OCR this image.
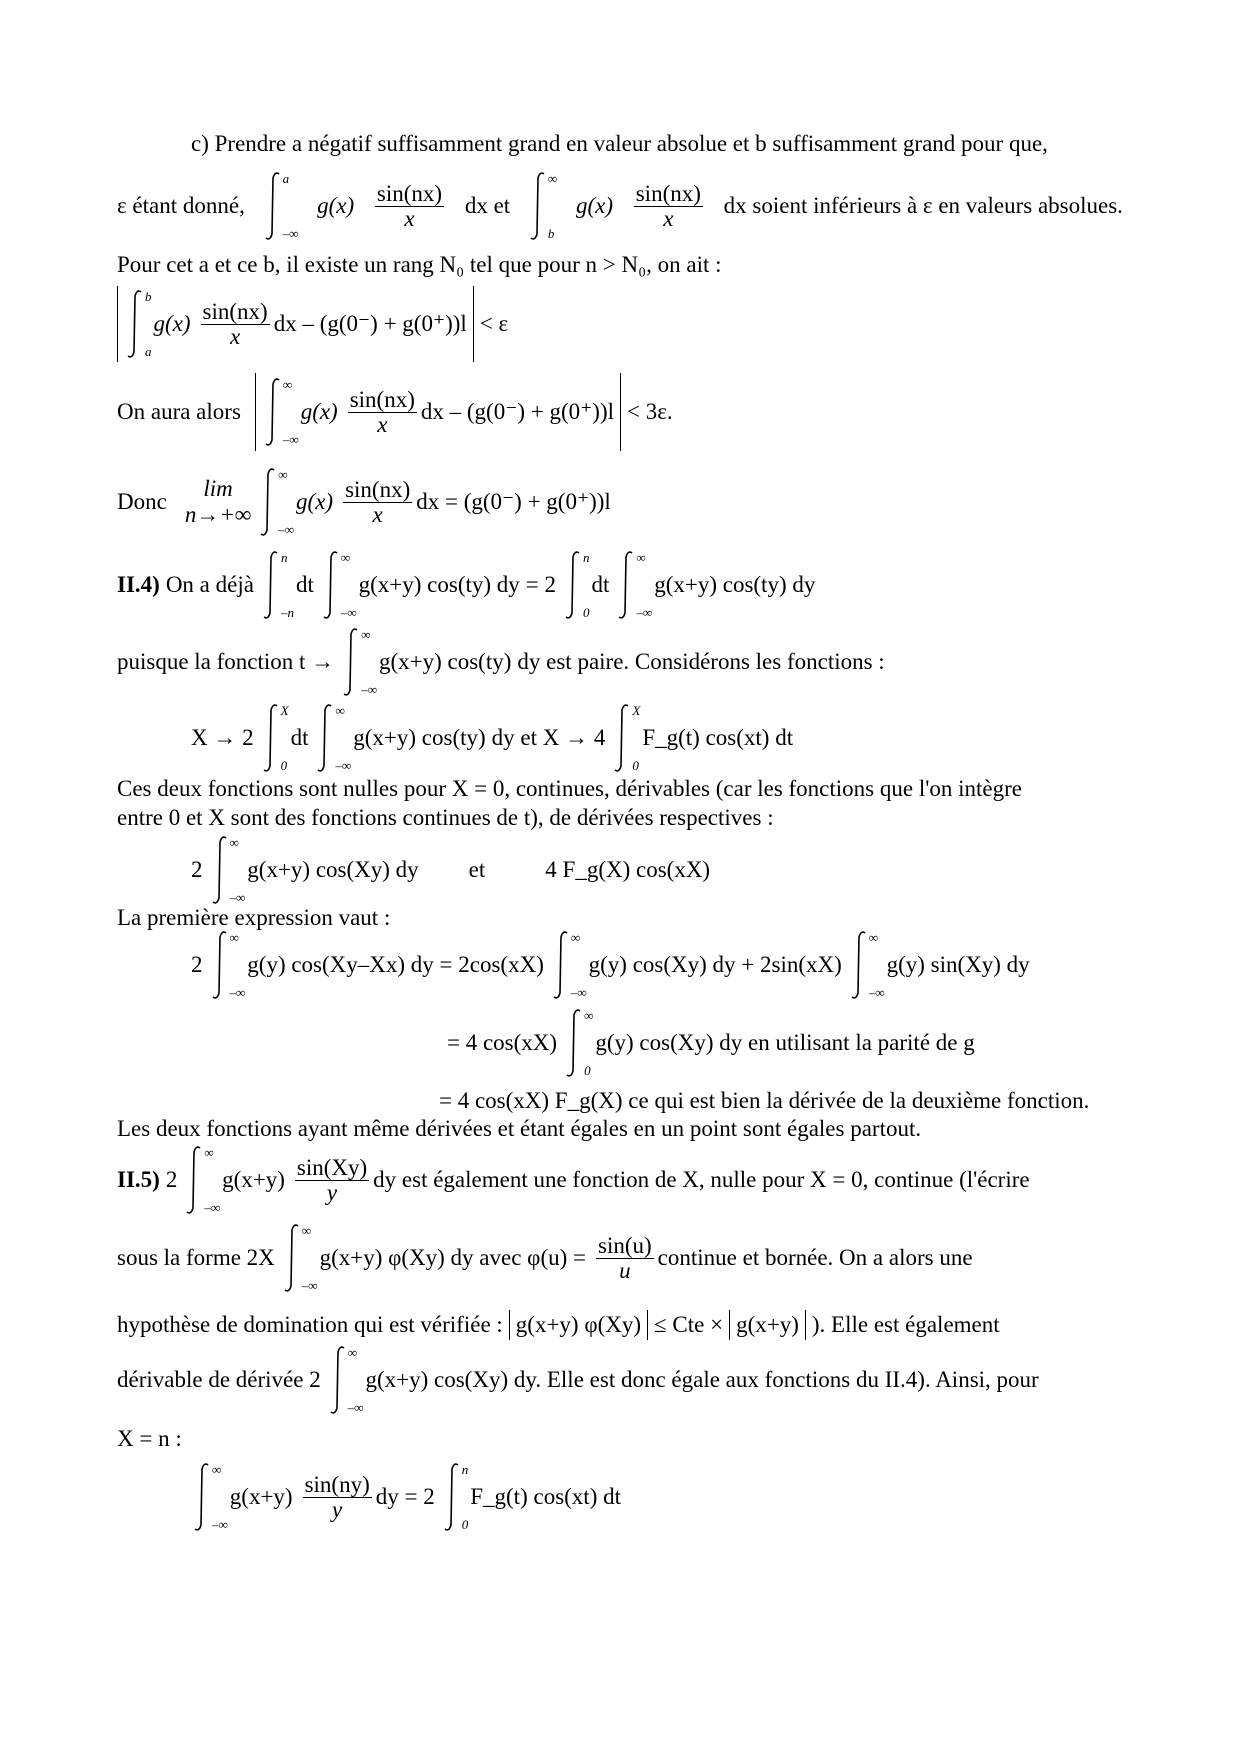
c) Prendre a négatif suffisamment grand en valeur absolue et b suffisamment grand pour que,
ε étant donné,
a
–∞
$g(x) \frac{\sin(nx)}{x}$ dx et
∞
b
$g(x) \frac{\sin(nx)}{x}$ dx soient inférieurs à ε en valeurs absolues.
Pour cet a et ce b, il existe un rang N₀ tel que pour n > N₀, on ait :
b
a
$g(x) \frac{\sin(nx)}{x}$ dx – (g(0⁻) + g(0⁺))l < ε
On aura alors
∞
–∞
$g(x) \frac{\sin(nx)}{x}$ dx – (g(0⁻) + g(0⁺))l < 3ε.
Donc
lim
n→+∞
∞
–∞
$g(x) \frac{\sin(nx)}{x}$ dx = (g(0⁻) + g(0⁺))l
II.4) On a déjà
n
–n
dt
∞
–∞
g(x+y) cos(ty) dy = 2
n
0
dt
∞
–∞
g(x+y) cos(ty) dy
puisque la fonction t →
∞
–∞
g(x+y) cos(ty) dy est paire. Considérons les fonctions :
X → 2
X
0
dt
∞
–∞
g(x+y) cos(ty) dy et X → 4
X
0
F_g(t) cos(xt) dt
Ces deux fonctions sont nulles pour X = 0, continues, dérivables (car les fonctions que l'on intègre
entre 0 et X sont des fonctions continues de t), de dérivées respectives :
2
∞
–∞
g(x+y) cos(Xy) dy et	4 F_g(X) cos(xX)
La première expression vaut :
2
∞
–∞
g(y) cos(Xy–Xx) dy = 2cos(xX)
∞
–∞
g(y) cos(Xy) dy + 2sin(xX)
∞
–∞
g(y) sin(Xy) dy
= 4 cos(xX)
∞
0
g(y) cos(Xy) dy en utilisant la parité de g
= 4 cos(xX) F_g(X) ce qui est bien la dérivée de la deuxième fonction.
Les deux fonctions ayant même dérivées et étant égales en un point sont égales partout.
II.5) 2
∞
–∞
$g(x+y) \frac{\sin(Xy)}{y}$ dy est également une fonction de X, nulle pour X = 0, continue (l'écrire
sous la forme 2X
∞
–∞
g(x+y) φ(Xy) dy avec $\varphi(u) = \frac{\sin(u)}{u}$ continue et bornée. On a alors une
hypothèse de domination qui est vérifiée : g(x+y) φ(Xy) ≤ Cte × g(x+y) ). Elle est également
dérivable de dérivée 2
∞
–∞
g(x+y) cos(Xy) dy. Elle est donc égale aux fonctions du II.4). Ainsi, pour
X = n :
∞
–∞
$g(x+y) \frac{\sin(ny)}{y}$ dy = 2
n
0
F_g(t) cos(xt) dt
